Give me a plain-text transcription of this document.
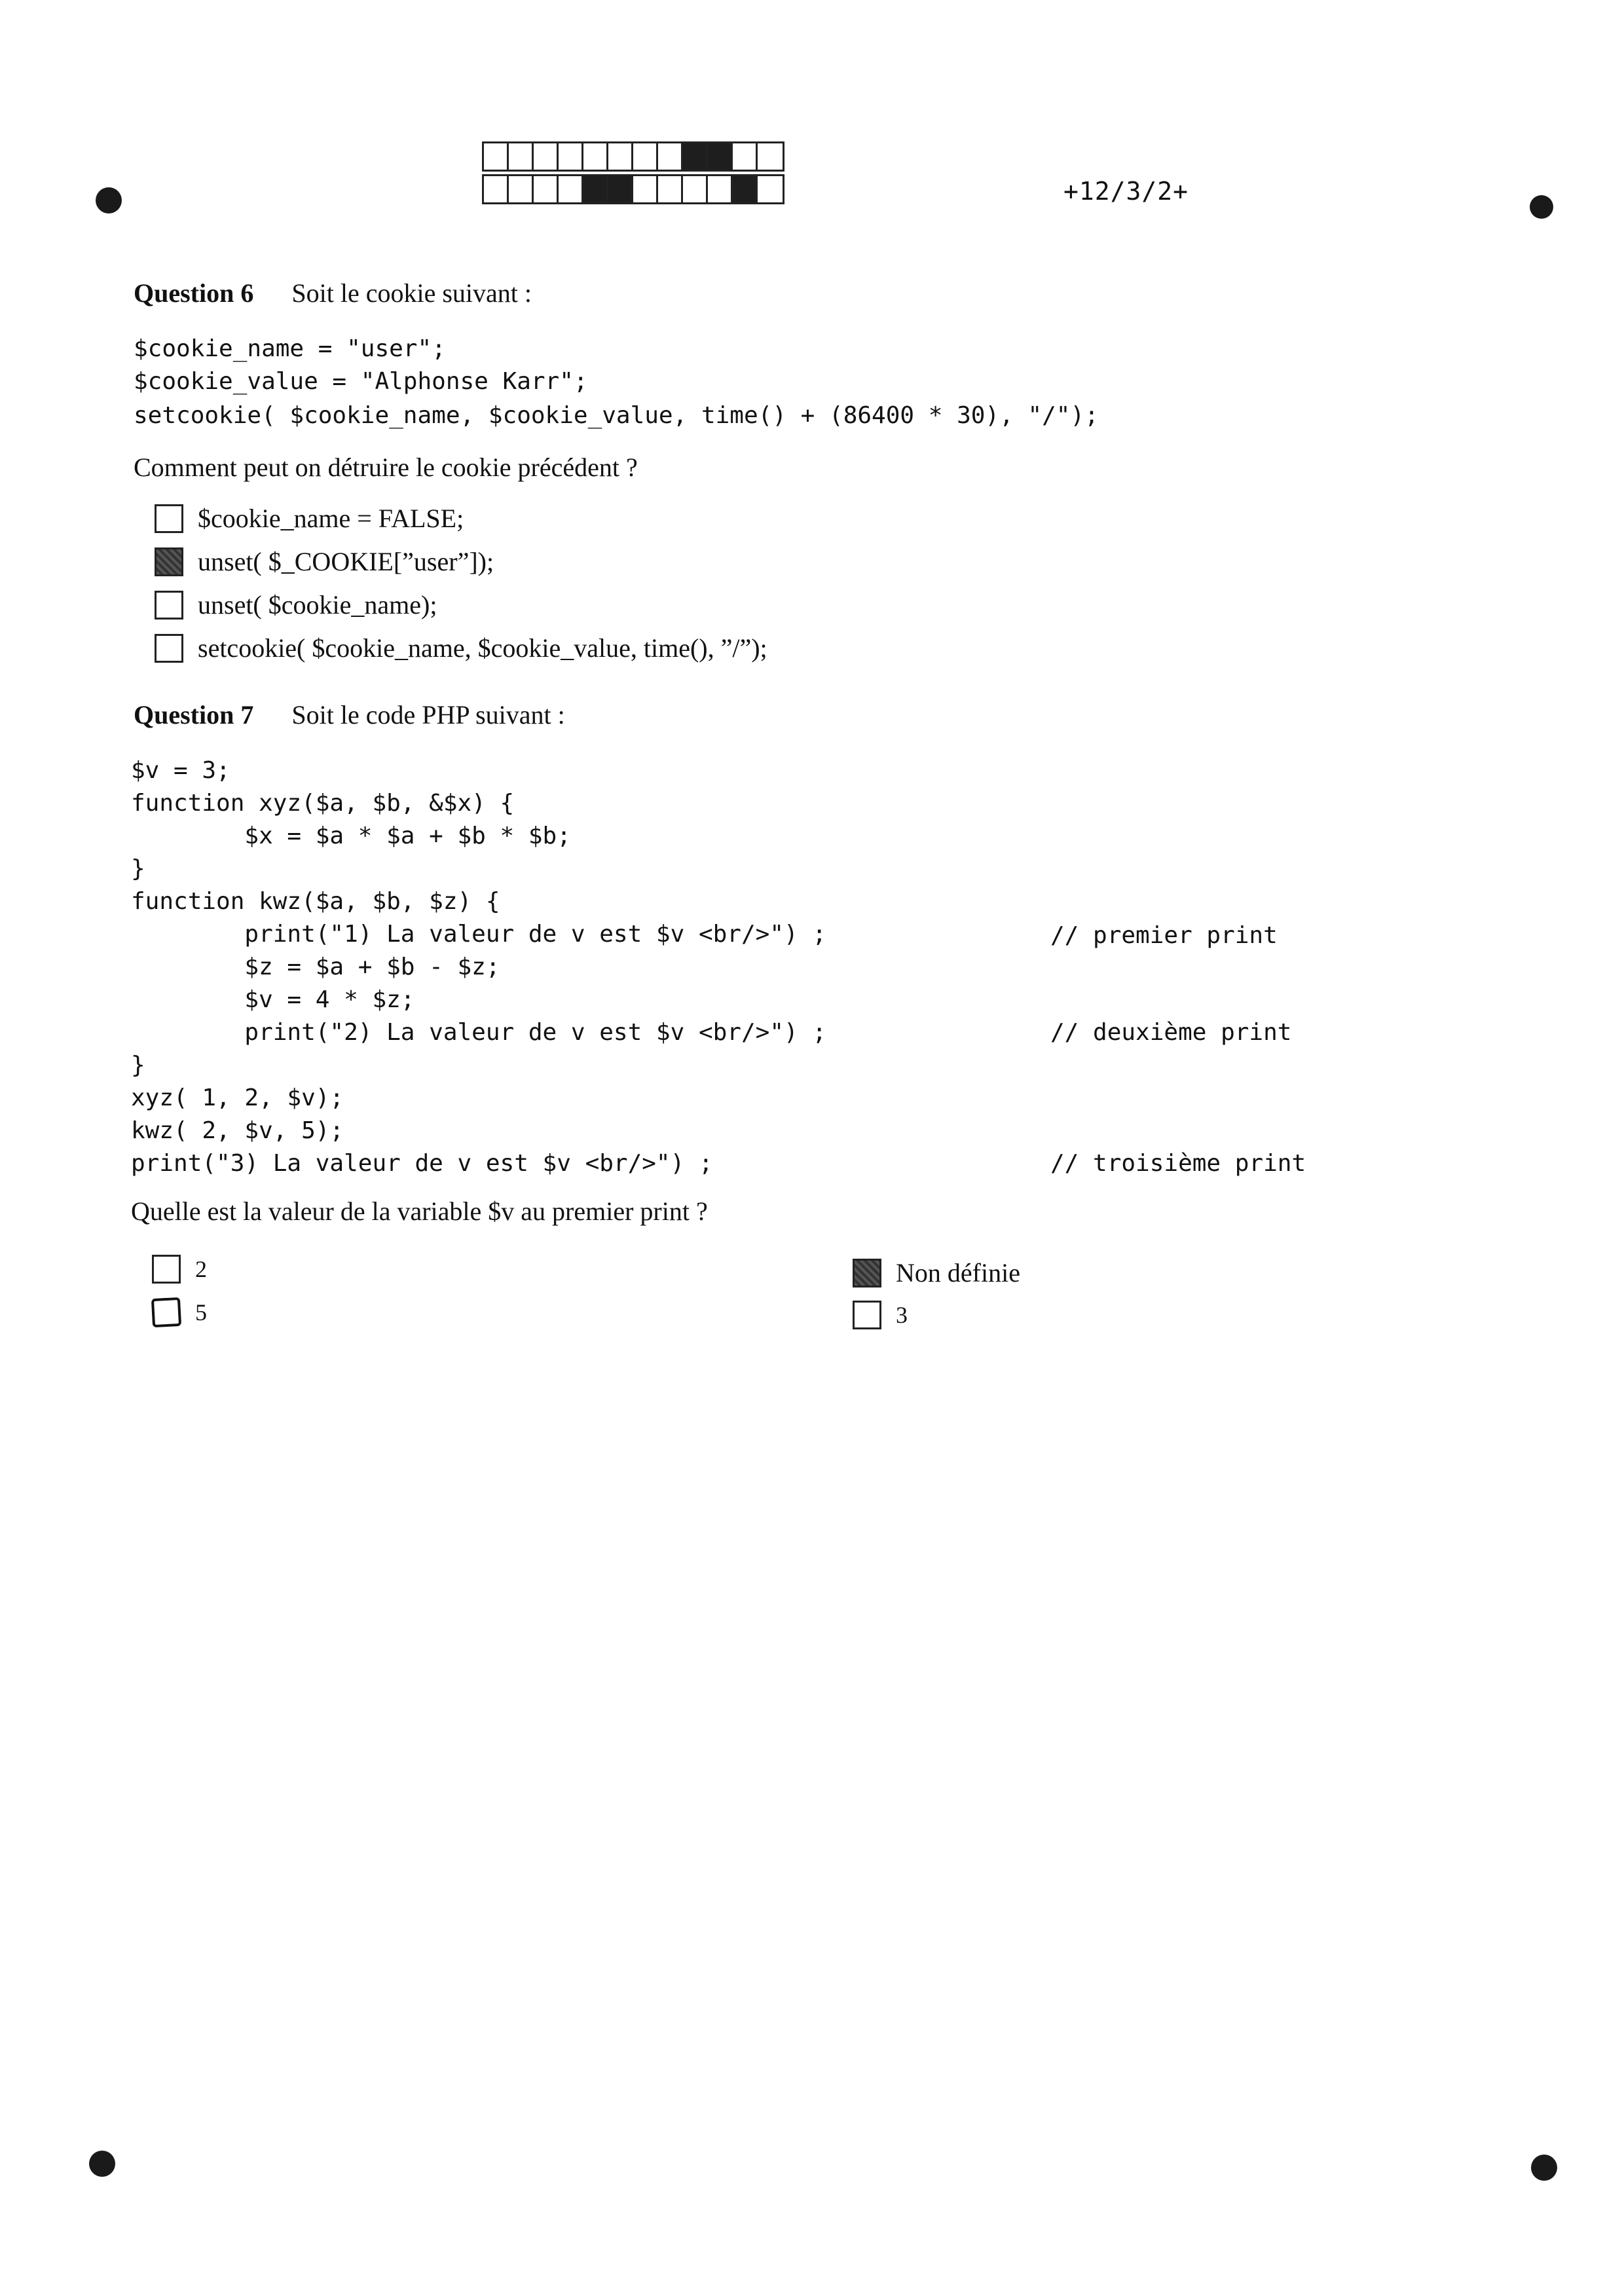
+12/3/2+
Question 6 Soit le cookie suivant :
$cookie_name = "user";
$cookie_value = "Alphonse Karr";
setcookie( $cookie_name, $cookie_value, time() + (86400 * 30), "/");
Comment peut on détruire le cookie précédent ?
$cookie_name = FALSE;
unset( $_COOKIE[”user”]);
unset( $cookie_name);
setcookie( $cookie_name, $cookie_value, time(), ”/”);
Question 7 Soit le code PHP suivant :
$v = 3;
function xyz($a, $b, &$x) {
$x = $a * $a + $b * $b;
}
function kwz($a, $b, $z) {
print("1) La valeur de v est $v <br/>") ;
$z = $a + $b - $z;
$v = 4 * $z;
print("2) La valeur de v est $v <br/>") ;
}
xyz( 1, 2, $v);
kwz( 2, $v, 5);
print("3) La valeur de v est $v <br/>") ;
// premier print
// deuxième print
// troisième print
Quelle est la valeur de la variable $v au premier print ?
2
5
Non définie
3
